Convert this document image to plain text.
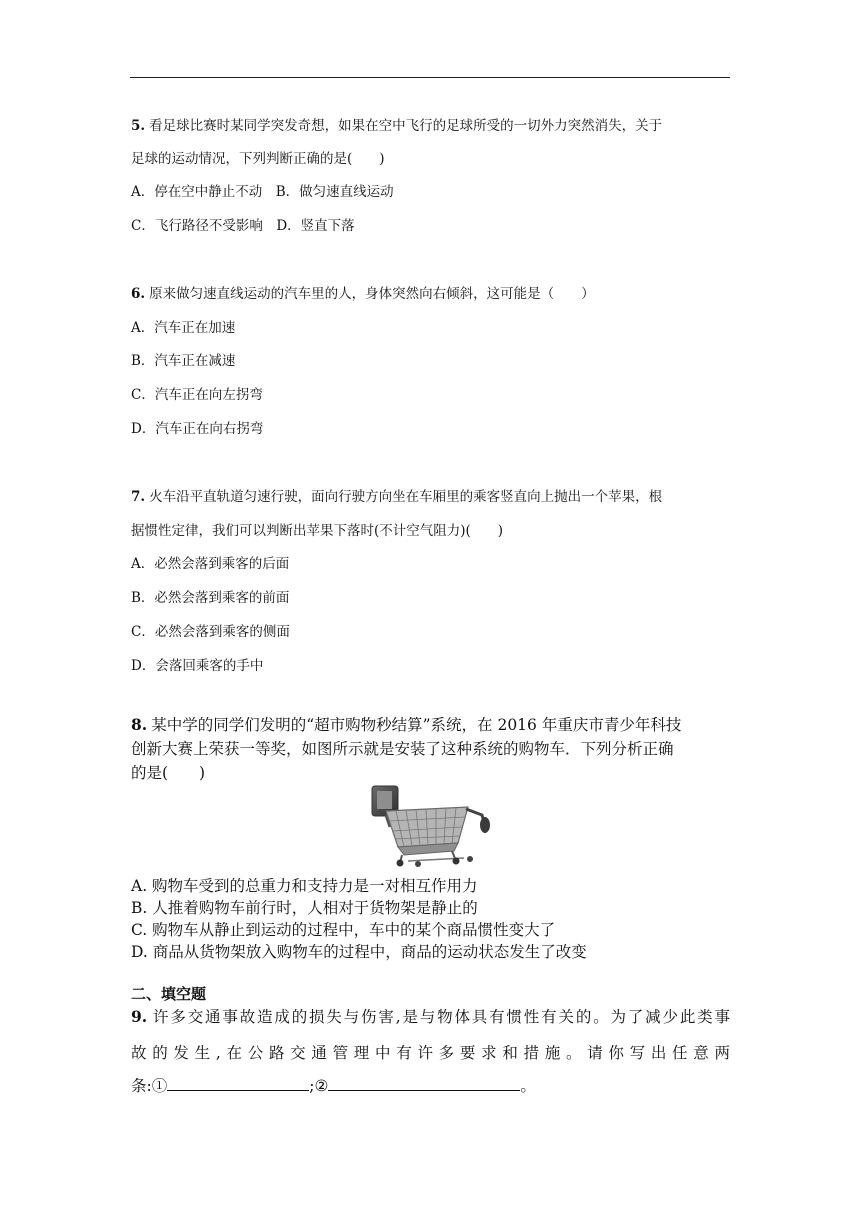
5. 看足球比赛时某同学突发奇想，如果在空中飞行的足球所受的一切外力突然消失，关于
足球的运动情况，下列判断正确的是(　　)
A．停在空中静止不动　B．做匀速直线运动
C．飞行路径不受影响　D．竖直下落
6. 原来做匀速直线运动的汽车里的人，身体突然向右倾斜，这可能是（　　）
A．汽车正在加速
B．汽车正在减速
C．汽车正在向左拐弯
D．汽车正在向右拐弯
7. 火车沿平直轨道匀速行驶，面向行驶方向坐在车厢里的乘客竖直向上抛出一个苹果，根
据惯性定律，我们可以判断出苹果下落时(不计空气阻力)(　　)
A．必然会落到乘客的后面
B．必然会落到乘客的前面
C．必然会落到乘客的侧面
D．会落回乘客的手中
8. 某中学的同学们发明的“超市购物秒结算”系统，在 2016 年重庆市青少年科技
创新大赛上荣获一等奖，如图所示就是安装了这种系统的购物车．下列分析正确
的是(　　)
A. 购物车受到的总重力和支持力是一对相互作用力
B. 人推着购物车前行时，人相对于货物架是静止的
C. 购物车从静止到运动的过程中，车中的某个商品惯性变大了
D. 商品从货物架放入购物车的过程中，商品的运动状态发生了改变
二、填空题
9. 许多交通事故造成的损失与伤害,是与物体具有惯性有关的。为了减少此类事
故的发生,在公路交通管理中有许多要求和措施。请你写出任意两
条:①	;②	。
